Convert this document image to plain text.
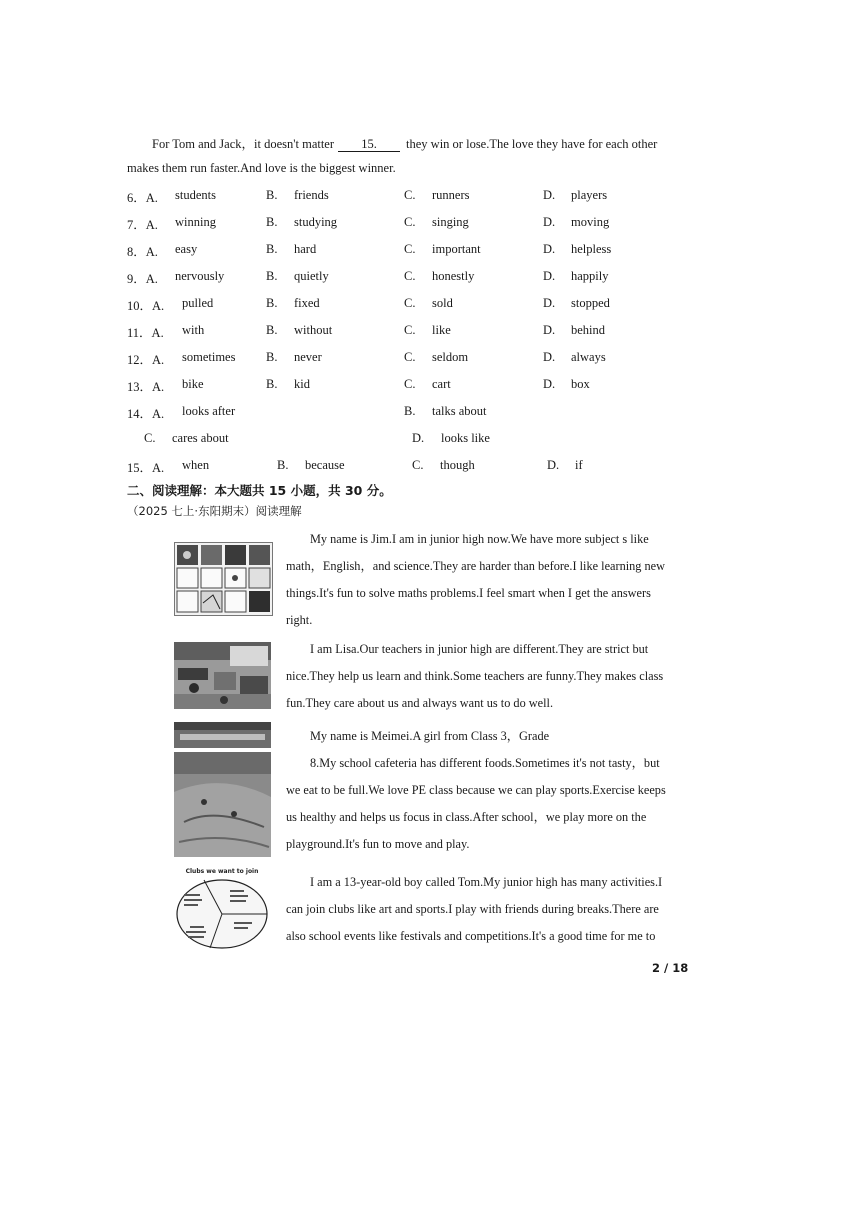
For Tom and Jack，it doesn't matter 15. they win or lose.The love they have for each other
makes them run faster.And love is the biggest winner.
6．A. students	B. friends	C. runners	D. players
7．A. winning	B. studying	C. singing	D. moving
8．A. easy	B. hard	C. important	D. helpless
9．A. nervously	B. quietly	C. honestly	D. happily
10．A. pulled	B. fixed	C. sold	D. stopped
11．A. with	B. without	C. like	D. behind
12．A. sometimes B. never	C. seldom	D. always
13．A. bike	B. kid	C. cart	D. box
14．A. looks after	B. talks about
C. cares about	D. looks like
15．A. when	B. because	C. though	D. if
二、阅读理解：本大题共 15 小题，共 30 分。
（2025 七上·东阳期末）阅读理解
Clubs we want to join
My name is Jim.I am in junior high now.We have more subject s like
math，English，and science.They are harder than before.I like learning new
things.It's fun to solve maths problems.I feel smart when I get the answers
right.
I am Lisa.Our teachers in junior high are different.They are strict but
nice.They help us learn and think.Some teachers are funny.They makes class
fun.They care about us and always want us to do well.
My name is Meimei.A girl from Class 3，Grade
8.My school cafeteria has different foods.Sometimes it's not tasty，but
we eat to be full.We love PE class because we can play sports.Exercise keeps
us healthy and helps us focus in class.After school，we play more on the
playground.It's fun to move and play.
I am a 13-year-old boy called Tom.My junior high has many activities.I
can join clubs like art and sports.I play with friends during breaks.There are
also school events like festivals and competitions.It's a good time for me to
2 / 18
